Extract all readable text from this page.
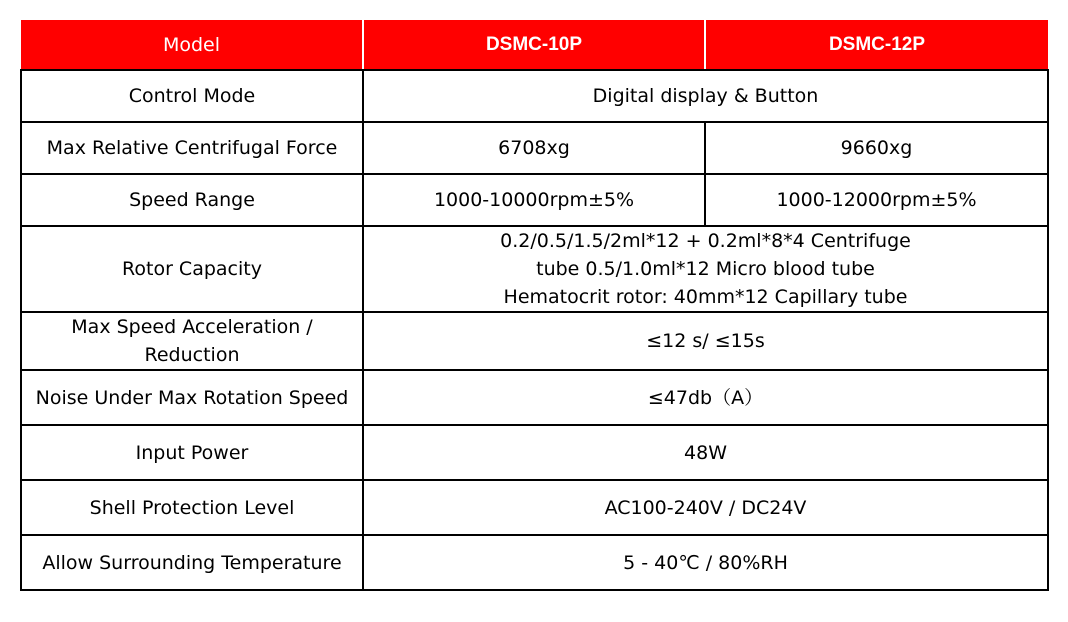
Model	DSMC-10P	DSMC-12P
Control Mode	Digital display & Button	
Max Relative Centrifugal Force	6708xg	9660xg
Speed Range	1000-10000rpm±5%	1000-12000rpm±5%
Rotor Capacity	0.2/0.5/1.5/2ml*12 + 0.2ml*8*4 Centrifuge
tube 0.5/1.0ml*12 Micro blood tube
Hematocrit rotor: 40mm*12 Capillary tube	

Max Speed Acceleration /
Reduction	≤12 s/ ≤15s	
Noise Under Max Rotation Speed	≤47db（A）	
Input Power	48W	
Shell Protection Level	AC100-240V / DC24V	
Allow Surrounding Temperature	5 - 40℃ / 80%RH	
